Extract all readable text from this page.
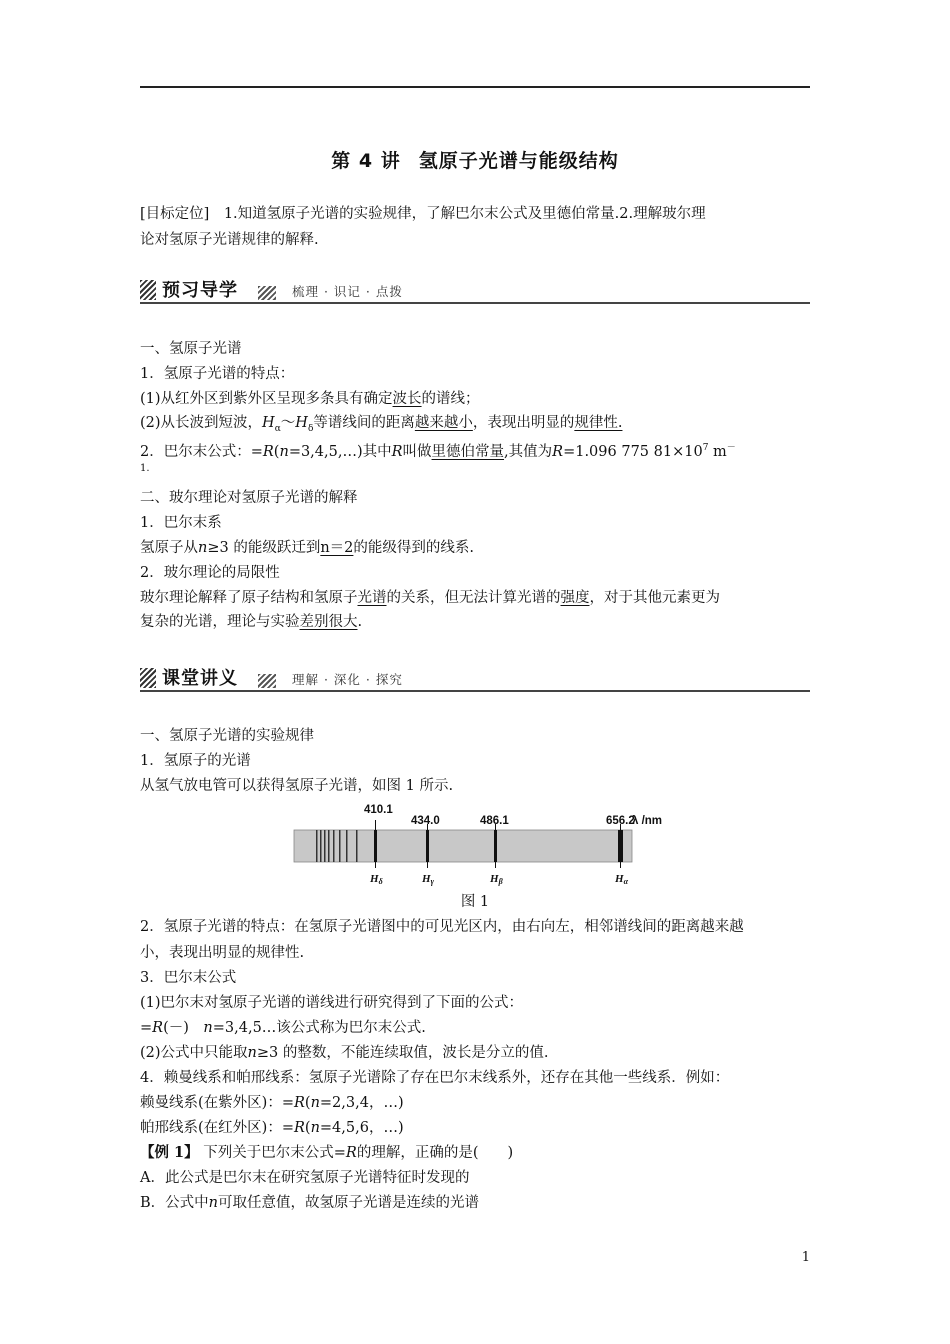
第 4 讲 氢原子光谱与能级结构
[目标定位]　 1.知道氢原子光谱的实验规律，了解巴尔末公式及里德伯常量.2.理解玻尔理
论对氢原子光谱规律的解释.
预习导学	梳理 · 识记 · 点拨
一、氢原子光谱
1．氢原子光谱的特点：
(1)从红外区到紫外区呈现多条具有确定波长的谱线；
(2)从长波到短波，$H_\alpha\sim H_\delta$等谱线间的距离越来越小，表现出明显的规律性.
2．巴尔末公式：=R(n=3,4,5,…)其中R叫做里德伯常量,其值为R=1.096 775 $81\times 10^7$ m－
1.
二、玻尔理论对氢原子光谱的解释
1．巴尔末系
氢原子从n≥3 的能级跃迁到n＝2的能级得到的线系.
2．玻尔理论的局限性
玻尔理论解释了原子结构和氢原子光谱的关系，但无法计算光谱的强度，对于其他元素更为
复杂的光谱，理论与实验差别很大.
课堂讲义	理解 · 深化 · 探究
一、氢原子光谱的实验规律
1．氢原子的光谱
从氢气放电管可以获得氢原子光谱，如图 1 所示.
410.1
434.0	486.1	656.2
λ /nm
Hδ	Hγ	Hβ	Hα
图 1
2．氢原子光谱的特点：在氢原子光谱图中的可见光区内，由右向左，相邻谱线间的距离越来越
小，表现出明显的规律性.
3．巴尔末公式
(1)巴尔末对氢原子光谱的谱线进行研究得到了下面的公式：
=R(－)　 n=3,4,5…该公式称为巴尔末公式.
(2)公式中只能取n≥3 的整数，不能连续取值，波长是分立的值.
4．赖曼线系和帕邢线系：氢原子光谱除了存在巴尔末线系外，还存在其他一些线系．例如：
赖曼线系(在紫外区)：=R(n=2,3,4，…)
帕邢线系(在红外区)：=R(n=4,5,6，…)
【例 1】 下列关于巴尔末公式=R的理解，正确的是(　　)
A．此公式是巴尔末在研究氢原子光谱特征时发现的
B．公式中n可取任意值，故氢原子光谱是连续的光谱
1
